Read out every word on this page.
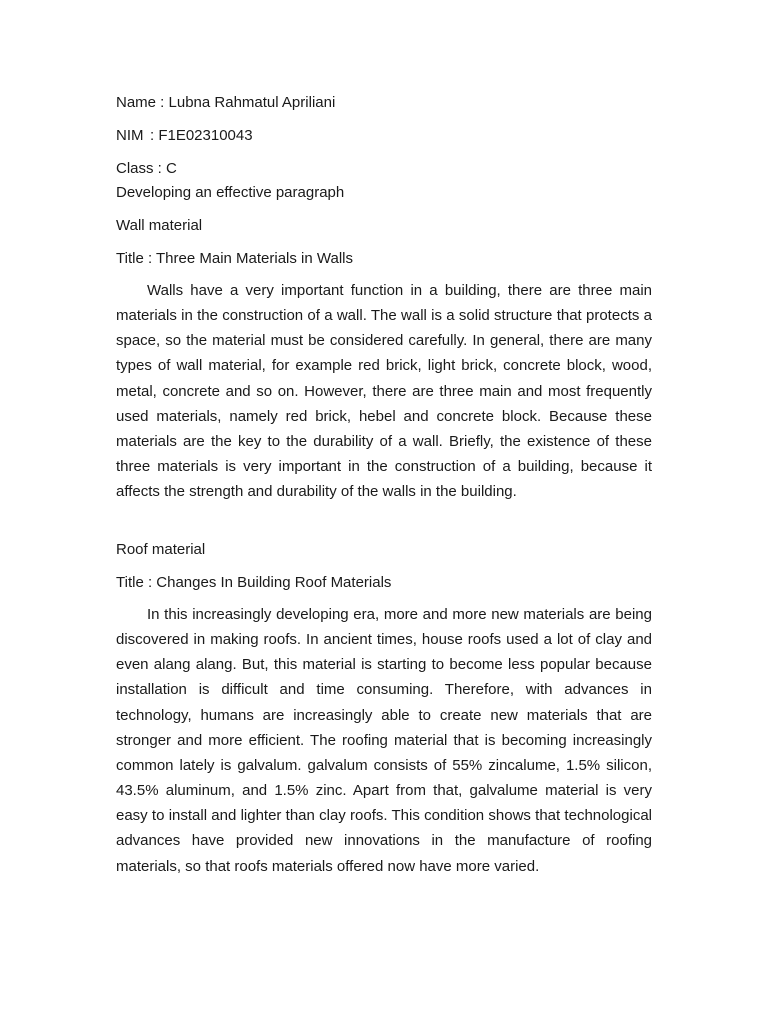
Name : Lubna Rahmatul Apriliani
NIM : F1E02310043
Class : C
Developing an effective paragraph
Wall material
Title : Three Main Materials in Walls

Walls have a very important function in a building, there are three main materials in the construction of a wall. The wall is a solid structure that protects a space, so the material must be considered carefully. In general, there are many types of wall material, for example red brick, light brick, concrete block, wood, metal, concrete and so on. However, there are three main and most frequently used materials, namely red brick, hebel and concrete block. Because these materials are the key to the durability of a wall. Briefly, the existence of these three materials is very important in the construction of a building, because it affects the strength and durability of the walls in the building.

Roof material
Title : Changes In Building Roof Materials

In this increasingly developing era, more and more new materials are being discovered in making roofs. In ancient times, house roofs used a lot of clay and even alang alang. But, this material is starting to become less popular because installation is difficult and time consuming. Therefore, with advances in technology, humans are increasingly able to create new materials that are stronger and more efficient. The roofing material that is becoming increasingly common lately is galvalum. galvalum consists of 55% zincalume, 1.5% silicon, 43.5% aluminum, and 1.5% zinc. Apart from that, galvalume material is very easy to install and lighter than clay roofs. This condition shows that technological advances have provided new innovations in the manufacture of roofing materials, so that roofs materials offered now have more varied.
